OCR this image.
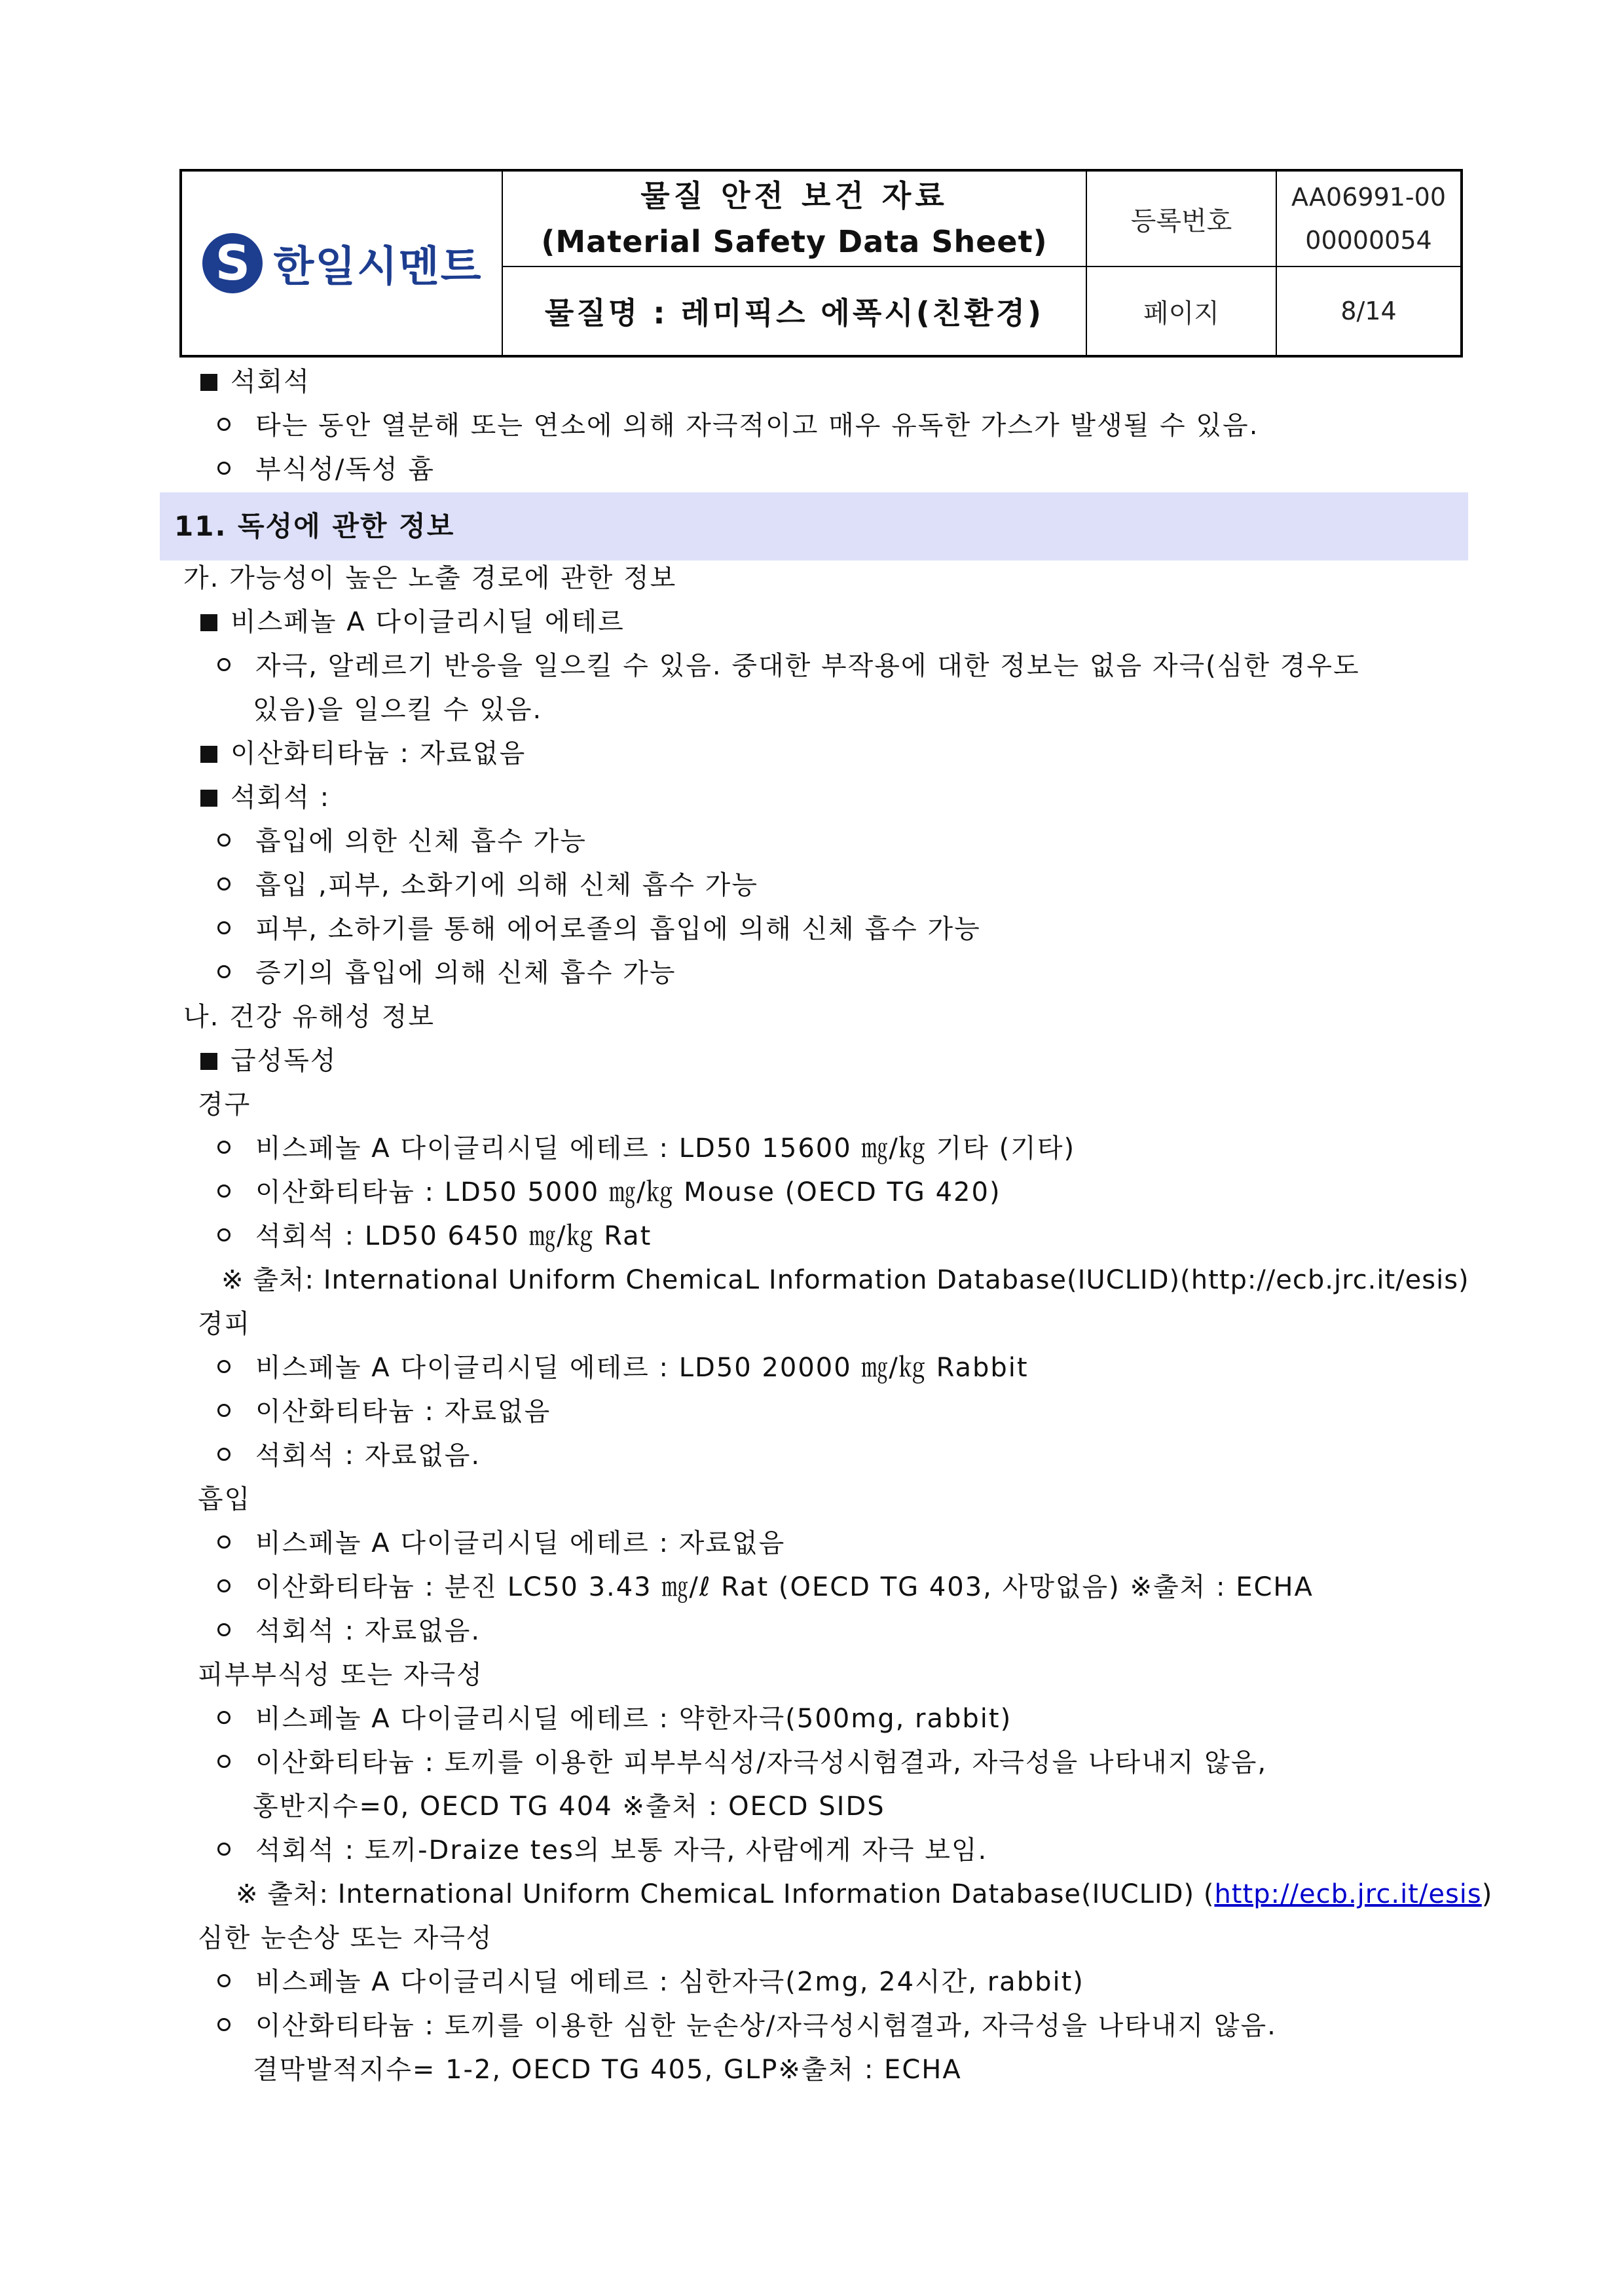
S 한일시멘트
물질 안전 보건 자료
(Material Safety Data Sheet)
물질명 : 레미픽스 에폭시(친환경)
등록번호
AA06991-00
00000054
페이지	8/14
석회석
타는 동안 열분해 또는 연소에 의해 자극적이고 매우 유독한 가스가 발생될 수 있음.
부식성/독성 흄
11. 독성에 관한 정보
가. 가능성이 높은 노출 경로에 관한 정보
비스페놀 A 다이글리시딜 에테르
자극, 알레르기 반응을 일으킬 수 있음. 중대한 부작용에 대한 정보는 없음 자극(심한 경우도
있음)을 일으킬 수 있음.
이산화티타늄 : 자료없음
석회석 :
흡입에 의한 신체 흡수 가능
흡입 ,피부, 소화기에 의해 신체 흡수 가능
피부, 소하기를 통해 에어로졸의 흡입에 의해 신체 흡수 가능
증기의 흡입에 의해 신체 흡수 가능
나. 건강 유해성 정보
급성독성
경구
비스페놀 A 다이글리시딜 에테르 : LD50 15600 ㎎/㎏ 기타 (기타)
이산화티타늄 : LD50 5000 ㎎/㎏ Mouse (OECD TG 420)
석회석 : LD50 6450 ㎎/㎏ Rat
※ 출처: International Uniform ChemicaL Information Database(IUCLID)(http://ecb.jrc.it/esis)
경피
비스페놀 A 다이글리시딜 에테르 : LD50 20000 ㎎/㎏ Rabbit
이산화티타늄 : 자료없음
석회석 : 자료없음.
흡입
비스페놀 A 다이글리시딜 에테르 : 자료없음
이산화티타늄 : 분진 LC50 3.43 ㎎/ℓ Rat (OECD TG 403, 사망없음) ※출처 : ECHA
석회석 : 자료없음.
피부부식성 또는 자극성
비스페놀 A 다이글리시딜 에테르 : 약한자극(500mg, rabbit)
이산화티타늄 : 토끼를 이용한 피부부식성/자극성시험결과, 자극성을 나타내지 않음,
홍반지수=0, OECD TG 404 ※출처 : OECD SIDS
석회석 : 토끼-Draize tes의 보통 자극, 사람에게 자극 보임.
※ 출처: International Uniform ChemicaL Information Database(IUCLID) (http://ecb.jrc.it/esis)
심한 눈손상 또는 자극성
비스페놀 A 다이글리시딜 에테르 : 심한자극(2mg, 24시간, rabbit)
이산화티타늄 : 토끼를 이용한 심한 눈손상/자극성시험결과, 자극성을 나타내지 않음.
결막발적지수= 1-2, OECD TG 405, GLP※출처 : ECHA
